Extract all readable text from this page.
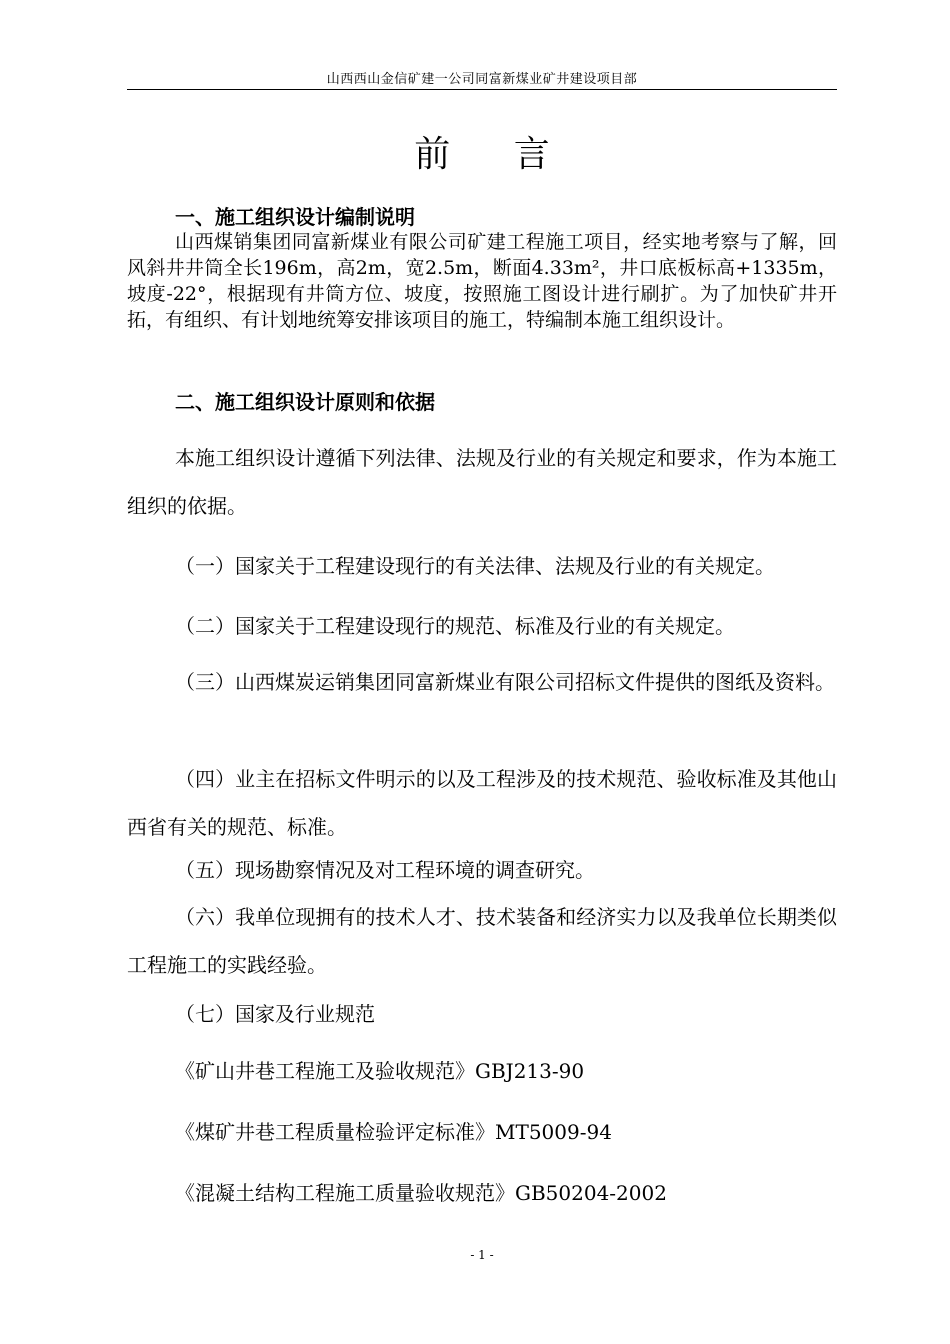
山西西山金信矿建一公司同富新煤业矿井建设项目部
前 言
一、施工组织设计编制说明
山西煤销集团同富新煤业有限公司矿建工程施工项目，经实地考察与了解，回风斜井井筒全长196m，高2m，宽2.5m，断面4.33m²，井口底板标高+1335m，坡度-22°，根据现有井筒方位、坡度，按照施工图设计进行刷扩。为了加快矿井开拓，有组织、有计划地统筹安排该项目的施工，特编制本施工组织设计。
二、施工组织设计原则和依据
本施工组织设计遵循下列法律、法规及行业的有关规定和要求，作为本施工组织的依据。
（一）国家关于工程建设现行的有关法律、法规及行业的有关规定。
（二）国家关于工程建设现行的规范、标准及行业的有关规定。
（三）山西煤炭运销集团同富新煤业有限公司招标文件提供的图纸及资料。
（四）业主在招标文件明示的以及工程涉及的技术规范、验收标准及其他山西省有关的规范、标准。
（五）现场勘察情况及对工程环境的调查研究。
（六）我单位现拥有的技术人才、技术装备和经济实力以及我单位长期类似工程施工的实践经验。
（七）国家及行业规范
《矿山井巷工程施工及验收规范》GBJ213-90
《煤矿井巷工程质量检验评定标准》MT5009-94
《混凝土结构工程施工质量验收规范》GB50204-2002
- 1 -
